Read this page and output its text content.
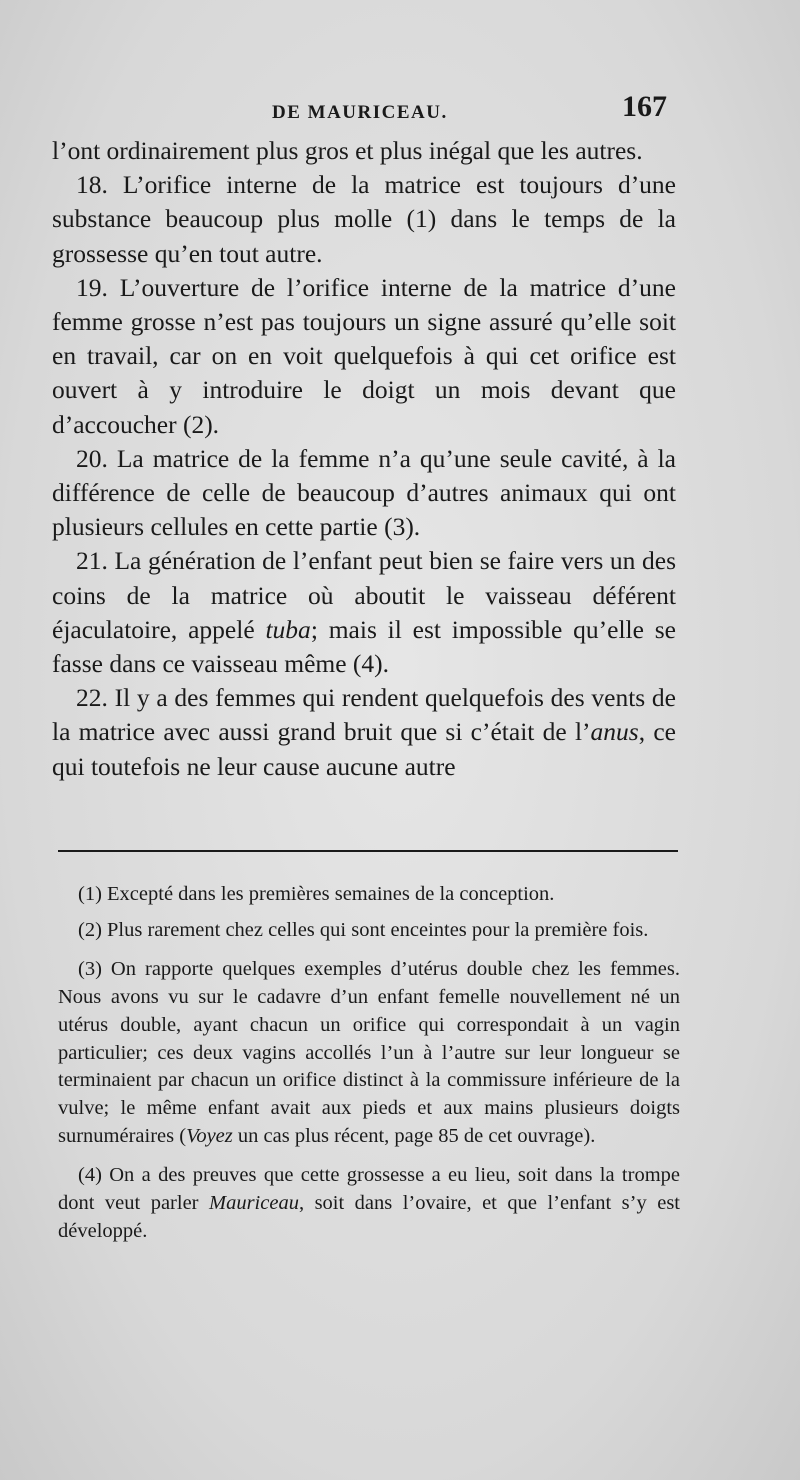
DE MAURICEAU.	167

l’ont ordinairement plus gros et plus inégal que les autres.

18. L’orifice interne de la matrice est toujours d’une substance beaucoup plus molle (1) dans le temps de la grossesse qu’en tout autre.

19. L’ouverture de l’orifice interne de la matrice d’une femme grosse n’est pas toujours un signe assuré qu’elle soit en travail, car on en voit quelquefois à qui cet orifice est ouvert à y introduire le doigt un mois devant que d’accoucher (2).

20. La matrice de la femme n’a qu’une seule cavité, à la différence de celle de beaucoup d’autres animaux qui ont plusieurs cellules en cette partie (3).

21. La génération de l’enfant peut bien se faire vers un des coins de la matrice où aboutit le vaisseau déférent éjaculatoire, appelé tuba; mais il est impossible qu’elle se fasse dans ce vaisseau même (4).

22. Il y a des femmes qui rendent quelquefois des vents de la matrice avec aussi grand bruit que si c’était de l’anus, ce qui toutefois ne leur cause aucune autre

(1) Excepté dans les premières semaines de la conception.

(2) Plus rarement chez celles qui sont enceintes pour la première fois.

(3) On rapporte quelques exemples d’utérus double chez les femmes. Nous avons vu sur le cadavre d’un enfant femelle nouvellement né un utérus double, ayant chacun un orifice qui correspondait à un vagin particulier; ces deux vagins accollés l’un à l’autre sur leur longueur se terminaient par chacun un orifice distinct à la commissure inférieure de la vulve; le même enfant avait aux pieds et aux mains plusieurs doigts surnuméraires (Voyez un cas plus récent, page 85 de cet ouvrage).

(4) On a des preuves que cette grossesse a eu lieu, soit dans la trompe dont veut parler Mauriceau, soit dans l’ovaire, et que l’enfant s’y est développé.
